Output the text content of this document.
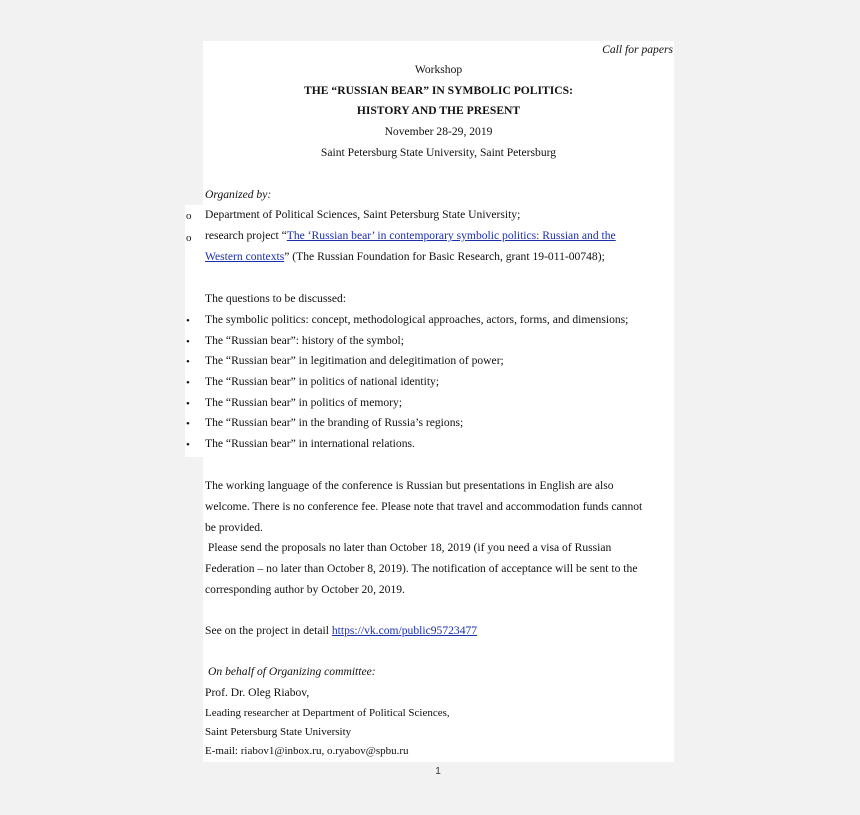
Call for papers
Workshop
THE “RUSSIAN BEAR” IN SYMBOLIC POLITICS:
HISTORY AND THE PRESENT
November 28-29, 2019
Saint Petersburg State University, Saint Petersburg
Organized by:
o Department of Political Sciences, Saint Petersburg State University;
o research project “The ‘Russian bear’ in contemporary symbolic politics: Russian and the
Western contexts” (The Russian Foundation for Basic Research, grant 19-011-00748);
The questions to be discussed:
• The symbolic politics: concept, methodological approaches, actors, forms, and dimensions;
• The “Russian bear”: history of the symbol;
• The “Russian bear” in legitimation and delegitimation of power;
• The “Russian bear” in politics of national identity;
• The “Russian bear” in politics of memory;
• The “Russian bear” in the branding of Russia’s regions;
• The “Russian bear” in international relations.
The working language of the conference is Russian but presentations in English are also
welcome. There is no conference fee. Please note that travel and accommodation funds cannot
be provided.
Please send the proposals no later than October 18, 2019 (if you need a visa of Russian
Federation – no later than October 8, 2019). The notification of acceptance will be sent to the
corresponding author by October 20, 2019.
See on the project in detail https://vk.com/public95723477
On behalf of Organizing committee:
Prof. Dr. Oleg Riabov,
Leading researcher at Department of Political Sciences,
Saint Petersburg State University
E-mail: riabov1@inbox.ru, o.ryabov@spbu.ru
1
